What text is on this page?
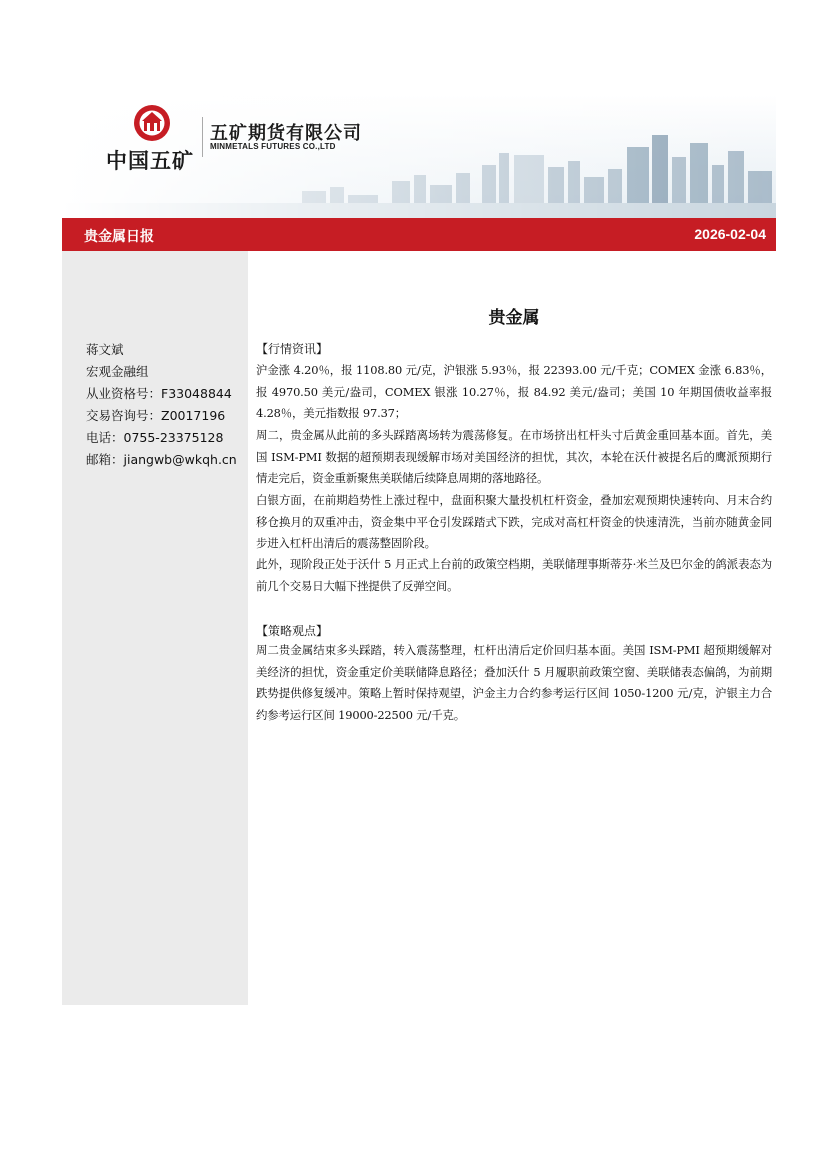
中国五矿
五矿期货有限公司
MINMETALS FUTURES CO.,LTD
贵金属日报	2026-02-04
蒋文斌
宏观金融组
从业资格号：F33048844
交易咨询号：Z0017196
电话：0755-23375128
邮箱：jiangwb@wkqh.cn
贵金属
【行情资讯】
沪金涨 4.20％，报 1108.80 元/克，沪银涨 5.93％，报 22393.00 元/千克；COMEX 金涨 6.83％，报 4970.50 美元/盎司，COMEX 银涨 10.27％，报 84.92 美元/盎司；美国 10 年期国债收益率报 4.28％，美元指数报 97.37；
周二，贵金属从此前的多头踩踏离场转为震荡修复。在市场挤出杠杆头寸后黄金重回基本面。首先，美国 ISM-PMI 数据的超预期表现缓解市场对美国经济的担忧，其次，本轮在沃什被提名后的鹰派预期行情走完后，资金重新聚焦美联储后续降息周期的落地路径。
白银方面，在前期趋势性上涨过程中，盘面积聚大量投机杠杆资金，叠加宏观预期快速转向、月末合约移仓换月的双重冲击，资金集中平仓引发踩踏式下跌，完成对高杠杆资金的快速清洗，当前亦随黄金同步进入杠杆出清后的震荡整固阶段。
此外，现阶段正处于沃什 5 月正式上台前的政策空档期，美联储理事斯蒂芬·米兰及巴尔金的鸽派表态为前几个交易日大幅下挫提供了反弹空间。
【策略观点】
周二贵金属结束多头踩踏，转入震荡整理，杠杆出清后定价回归基本面。美国 ISM-PMI 超预期缓解对美经济的担忧，资金重定价美联储降息路径；叠加沃什 5 月履职前政策空窗、美联储表态偏鸽，为前期跌势提供修复缓冲。策略上暂时保持观望，沪金主力合约参考运行区间 1050-1200 元/克，沪银主力合约参考运行区间 19000-22500 元/千克。
